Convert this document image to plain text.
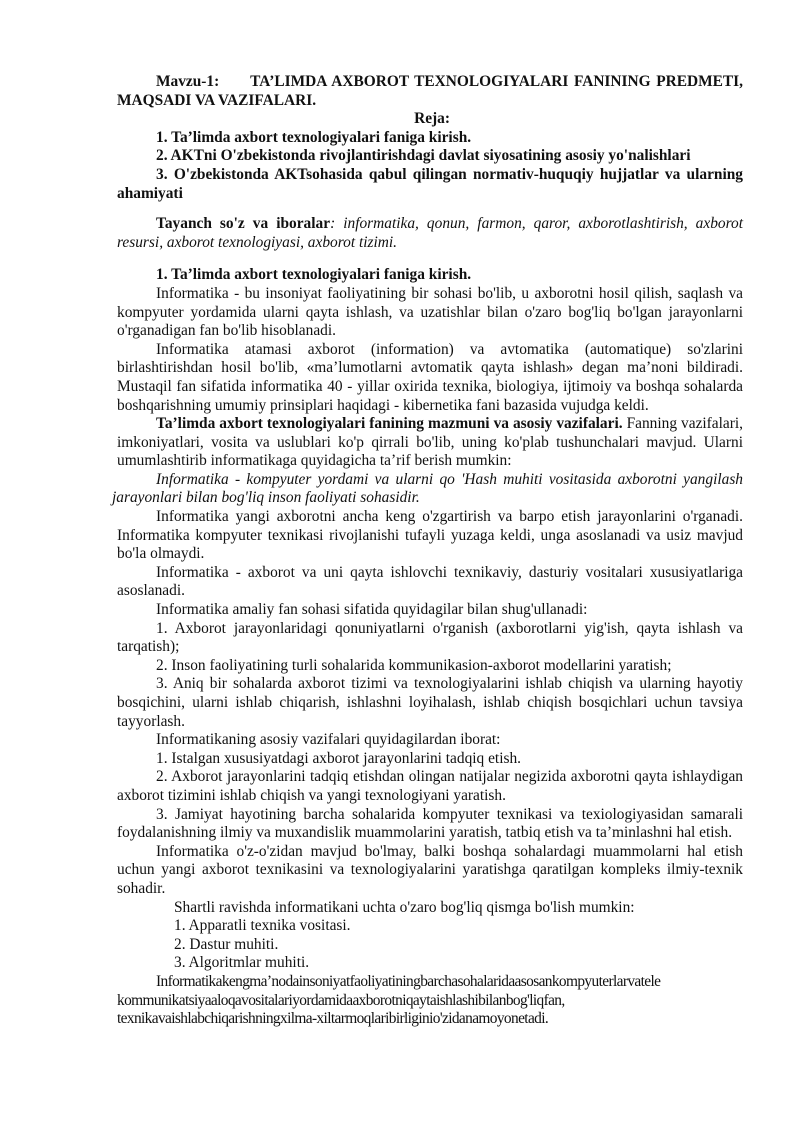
Mavzu-1: TA’LIMDA AXBOROT TEXNOLOGIYALARI FANINING PREDMETI, MAQSADI VA VAZIFALARI.

Reja:

1. Ta’limda axbort texnologiyalari faniga kirish.

2. AKTni O'zbekistonda rivojlantirishdagi davlat siyosatining asosiy yo'nalishlari

3. O'zbekistonda AKTsohasida qabul qilingan normativ-huquqiy hujjatlar va ularning ahamiyati

Tayanch so'z va iboralar: informatika, qonun, farmon, qaror, axborotlashtirish, axborot resursi, axborot texnologiyasi, axborot tizimi.

1. Ta’limda axbort texnologiyalari faniga kirish.

Informatika - bu insoniyat faoliyatining bir sohasi bo'lib, u axborotni hosil qilish, saqlash va kompyuter yordamida ularni qayta ishlash, va uzatishlar bilan o'zaro bog'liq bo'lgan jarayonlarni o'rganadigan fan bo'lib hisoblanadi.

Informatika atamasi axborot (information) va avtomatika (automatique) so'zlarini birlashtirishdan hosil bo'lib, «ma’lumotlarni avtomatik qayta ishlash» degan ma’noni bildiradi. Mustaqil fan sifatida informatika 40 - yillar oxirida texnika, biologiya, ijtimoiy va boshqa sohalarda boshqarishning umumiy prinsiplari haqidagi - kibernetika fani bazasida vujudga keldi.

Ta’limda axbort texnologiyalari fanining mazmuni va asosiy vazifalari. Fanning vazifalari, imkoniyatlari, vosita va uslublari ko'p qirrali bo'lib, uning ko'plab tushunchalari mavjud. Ularni umumlashtirib informatikaga quyidagicha ta’rif berish mumkin:

Informatika - kompyuter yordami va ularni qo 'Hash muhiti vositasida axborotni yangilash jarayonlari bilan bog'liq inson faoliyati sohasidir.

Informatika yangi axborotni ancha keng o'zgartirish va barpo etish jarayonlarini o'rganadi. Informatika kompyuter texnikasi rivojlanishi tufayli yuzaga keldi, unga asoslanadi va usiz mavjud bo'la olmaydi.

Informatika - axborot va uni qayta ishlovchi texnikaviy, dasturiy vositalari xususiyatlariga asoslanadi.

Informatika amaliy fan sohasi sifatida quyidagilar bilan shug'ullanadi:

1. Axborot jarayonlaridagi qonuniyatlarni o'rganish (axborotlarni yig'ish, qayta ishlash va tarqatish);

2. Inson faoliyatining turli sohalarida kommunikasion-axborot modellarini yaratish;

3. Aniq bir sohalarda axborot tizimi va texnologiyalarini ishlab chiqish va ularning hayotiy bosqichini, ularni ishlab chiqarish, ishlashni loyihalash, ishlab chiqish bosqichlari uchun tavsiya tayyorlash.

Informatikaning asosiy vazifalari quyidagilardan iborat:

1. Istalgan xususiyatdagi axborot jarayonlarini tadqiq etish.

2. Axborot jarayonlarini tadqiq etishdan olingan natijalar negizida axborotni qayta ishlaydigan axborot tizimini ishlab chiqish va yangi texnologiyani yaratish.

3. Jamiyat hayotining barcha sohalarida kompyuter texnikasi va texiologiyasidan samarali foydalanishning ilmiy va muxandislik muammolarini yaratish, tatbiq etish va ta’minlashni hal etish.

Informatika o'z-o'zidan mavjud bo'lmay, balki boshqa sohalardagi muammolarni hal etish uchun yangi axborot texnikasini va texnologiyalarini yaratishga qaratilgan kompleks ilmiy-texnik sohadir.

Shartli ravishda informatikani uchta o'zaro bog'liq qismga bo'lish mumkin:

1. Apparatli texnika vositasi.

2. Dastur muhiti.

3. Algoritmlar muhiti.

Informatikakengma’nodainsoniyatfaoliyatiningbarchasohalaridaasosankompyuterlarvatele kommunikatsiyaaloqavositalariyordamidaaxborotniqaytaishlashibilanbog'liqfan, texnikavaishlabchiqarishningxilma-xiltarmoqlaribirliginio'zidanamoyonetadi.
